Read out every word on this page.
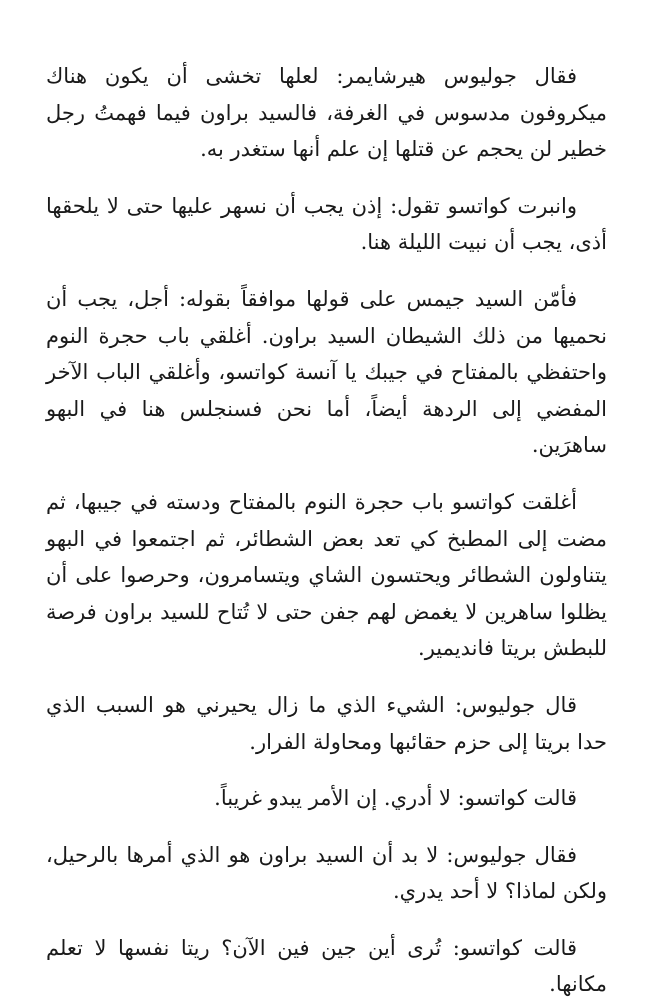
فقال جوليوس هيرشايمر: لعلها تخشى أن يكون هناك ميكروفون مدسوس في الغرفة، فالسيد براون فيما فهمتُ رجل خطير لن يحجم عن قتلها إن علم أنها ستغدر به.

وانبرت كواتسو تقول: إذن يجب أن نسهر عليها حتى لا يلحقها أذى، يجب أن نبيت الليلة هنا.

فأمّن السيد جيمس على قولها موافقاً بقوله: أجل، يجب أن نحميها من ذلك الشيطان السيد براون. أغلقي باب حجرة النوم واحتفظي بالمفتاح في جيبك يا آنسة كواتسو، وأغلقي الباب الآخر المفضي إلى الردهة أيضاً، أما نحن فسنجلس هنا في البهو ساهرَين.

أغلقت كواتسو باب حجرة النوم بالمفتاح ودسته في جيبها، ثم مضت إلى المطبخ كي تعد بعض الشطائر، ثم اجتمعوا في البهو يتناولون الشطائر ويحتسون الشاي ويتسامرون، وحرصوا على أن يظلوا ساهرين لا يغمض لهم جفن حتى لا تُتاح للسيد براون فرصة للبطش بريتا فانديمير.

قال جوليوس: الشيء الذي ما زال يحيرني هو السبب الذي حدا بريتا إلى حزم حقائبها ومحاولة الفرار.

قالت كواتسو: لا أدري. إن الأمر يبدو غريباً.

فقال جوليوس: لا بد أن السيد براون هو الذي أمرها بالرحيل، ولكن لماذا؟ لا أحد يدري.

قالت كواتسو: تُرى أين جين فين الآن؟ ريتا نفسها لا تعلم مكانها.
